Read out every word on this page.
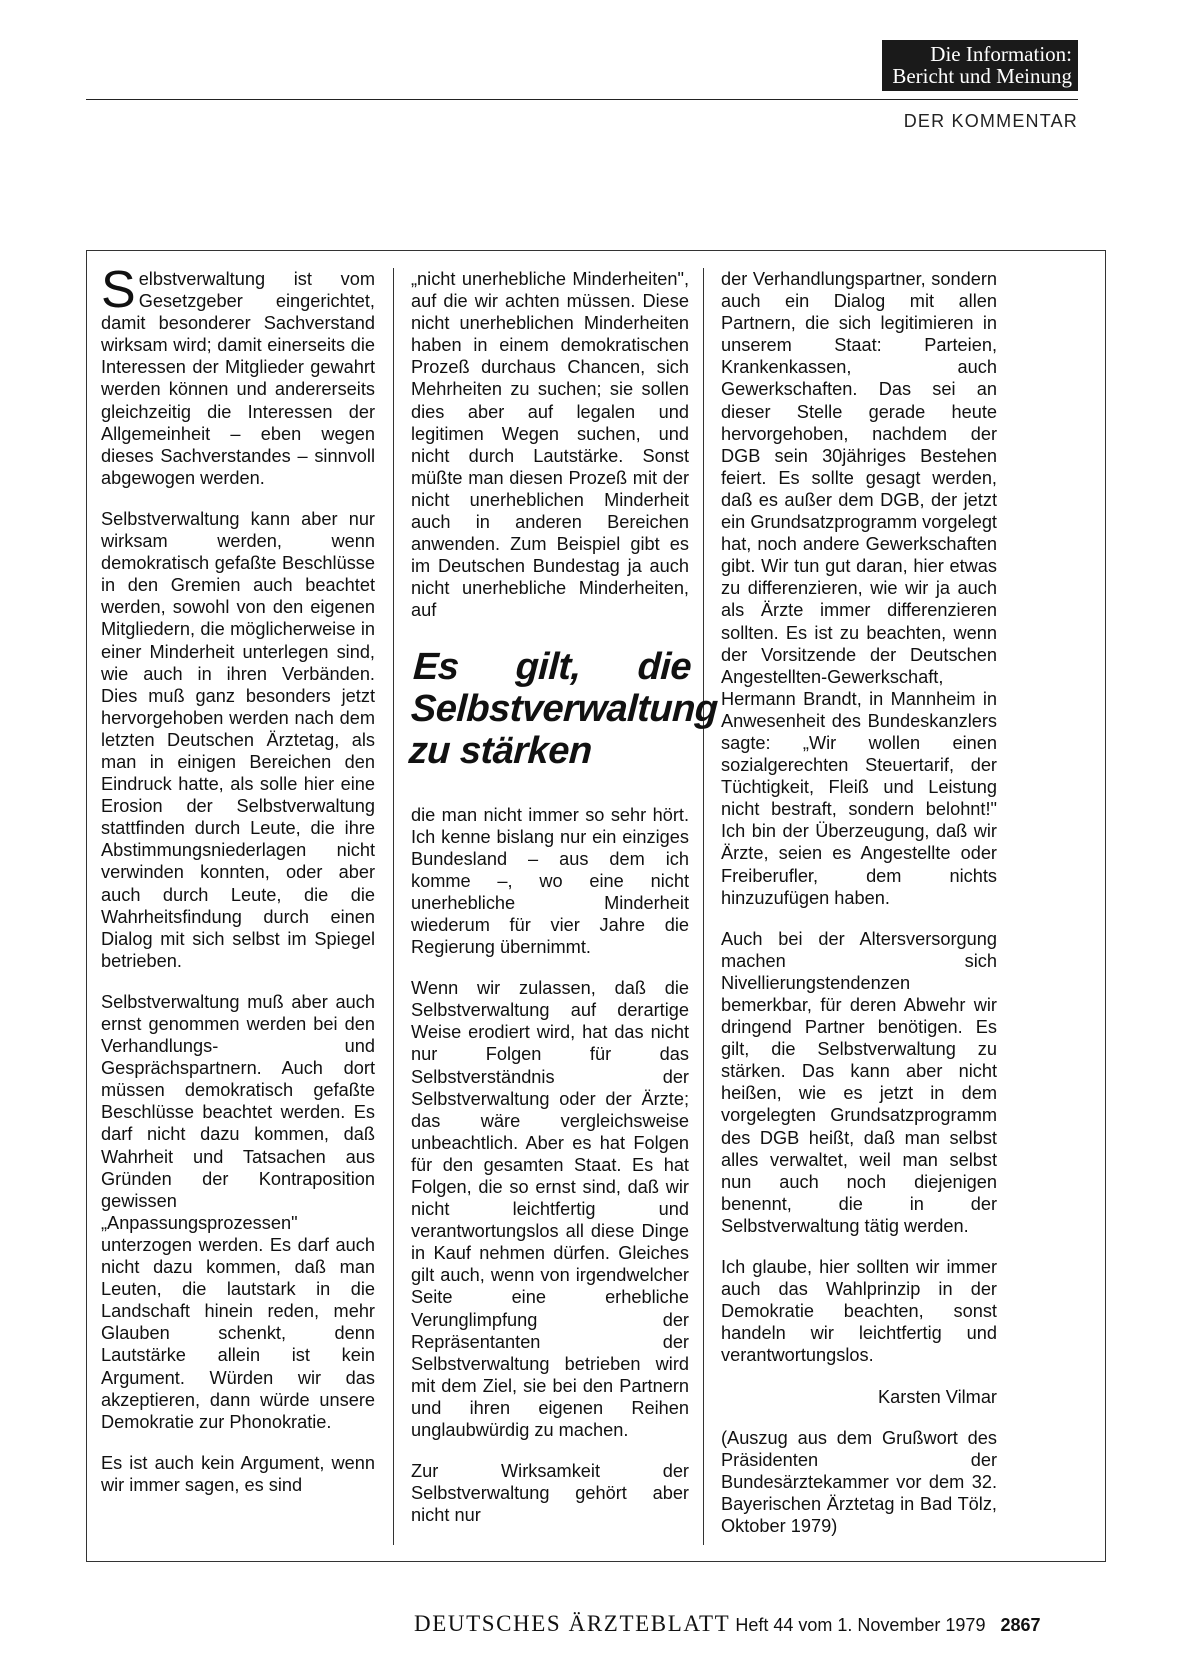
Die Information:
Bericht und Meinung
DER KOMMENTAR

Selbstverwaltung ist vom Gesetzgeber eingerichtet, damit besonderer Sachverstand wirksam wird; damit einerseits die Interessen der Mitglieder gewahrt werden können und andererseits gleichzeitig die Interessen der Allgemeinheit – eben wegen dieses Sachverstandes – sinnvoll abgewogen werden.

Selbstverwaltung kann aber nur wirksam werden, wenn demokratisch gefaßte Beschlüsse in den Gremien auch beachtet werden, sowohl von den eigenen Mitgliedern, die möglicherweise in einer Minderheit unterlegen sind, wie auch in ihren Verbänden. Dies muß ganz besonders jetzt hervorgehoben werden nach dem letzten Deutschen Ärztetag, als man in einigen Bereichen den Eindruck hatte, als solle hier eine Erosion der Selbstverwaltung stattfinden durch Leute, die ihre Abstimmungsniederlagen nicht verwinden konnten, oder aber auch durch Leute, die die Wahrheitsfindung durch einen Dialog mit sich selbst im Spiegel betrieben.

Selbstverwaltung muß aber auch ernst genommen werden bei den Verhandlungs- und Gesprächspartnern. Auch dort müssen demokratisch gefaßte Beschlüsse beachtet werden. Es darf nicht dazu kommen, daß Wahrheit und Tatsachen aus Gründen der Kontraposition gewissen „Anpassungsprozessen" unterzogen werden. Es darf auch nicht dazu kommen, daß man Leuten, die lautstark in die Landschaft hinein reden, mehr Glauben schenkt, denn Lautstärke allein ist kein Argument. Würden wir das akzeptieren, dann würde unsere Demokratie zur Phonokratie.

Es ist auch kein Argument, wenn wir immer sagen, es sind

„nicht unerhebliche Minderheiten", auf die wir achten müssen. Diese nicht unerheblichen Minderheiten haben in einem demokratischen Prozeß durchaus Chancen, sich Mehrheiten zu suchen; sie sollen dies aber auf legalen und legitimen Wegen suchen, und nicht durch Lautstärke. Sonst müßte man diesen Prozeß mit der nicht unerheblichen Minderheit auch in anderen Bereichen anwenden. Zum Beispiel gibt es im Deutschen Bundestag ja auch nicht unerhebliche Minderheiten, auf

Es gilt, die Selbstverwaltung zu stärken

die man nicht immer so sehr hört. Ich kenne bislang nur ein einziges Bundesland – aus dem ich komme –, wo eine nicht unerhebliche Minderheit wiederum für vier Jahre die Regierung übernimmt.

Wenn wir zulassen, daß die Selbstverwaltung auf derartige Weise erodiert wird, hat das nicht nur Folgen für das Selbstverständnis der Selbstverwaltung oder der Ärzte; das wäre vergleichsweise unbeachtlich. Aber es hat Folgen für den gesamten Staat. Es hat Folgen, die so ernst sind, daß wir nicht leichtfertig und verantwortungslos all diese Dinge in Kauf nehmen dürfen. Gleiches gilt auch, wenn von irgendwelcher Seite eine erhebliche Verunglimpfung der Repräsentanten der Selbstverwaltung betrieben wird mit dem Ziel, sie bei den Partnern und ihren eigenen Reihen unglaubwürdig zu machen.

Zur Wirksamkeit der Selbstverwaltung gehört aber nicht nur

der Verhandlungspartner, sondern auch ein Dialog mit allen Partnern, die sich legitimieren in unserem Staat: Parteien, Krankenkassen, auch Gewerkschaften. Das sei an dieser Stelle gerade heute hervorgehoben, nachdem der DGB sein 30jähriges Bestehen feiert. Es sollte gesagt werden, daß es außer dem DGB, der jetzt ein Grundsatzprogramm vorgelegt hat, noch andere Gewerkschaften gibt. Wir tun gut daran, hier etwas zu differenzieren, wie wir ja auch als Ärzte immer differenzieren sollten. Es ist zu beachten, wenn der Vorsitzende der Deutschen Angestellten-Gewerkschaft, Hermann Brandt, in Mannheim in Anwesenheit des Bundeskanzlers sagte: „Wir wollen einen sozialgerechten Steuertarif, der Tüchtigkeit, Fleiß und Leistung nicht bestraft, sondern belohnt!" Ich bin der Überzeugung, daß wir Ärzte, seien es Angestellte oder Freiberufler, dem nichts hinzuzufügen haben.

Auch bei der Altersversorgung machen sich Nivellierungstendenzen bemerkbar, für deren Abwehr wir dringend Partner benötigen. Es gilt, die Selbstverwaltung zu stärken. Das kann aber nicht heißen, wie es jetzt in dem vorgelegten Grundsatzprogramm des DGB heißt, daß man selbst alles verwaltet, weil man selbst nun auch noch diejenigen benennt, die in der Selbstverwaltung tätig werden.

Ich glaube, hier sollten wir immer auch das Wahlprinzip in der Demokratie beachten, sonst handeln wir leichtfertig und verantwortungslos.

Karsten Vilmar

(Auszug aus dem Grußwort des Präsidenten der Bundesärztekammer vor dem 32. Bayerischen Ärztetag in Bad Tölz, Oktober 1979)

DEUTSCHES ÄRZTEBLATT Heft 44 vom 1. November 1979 2867
